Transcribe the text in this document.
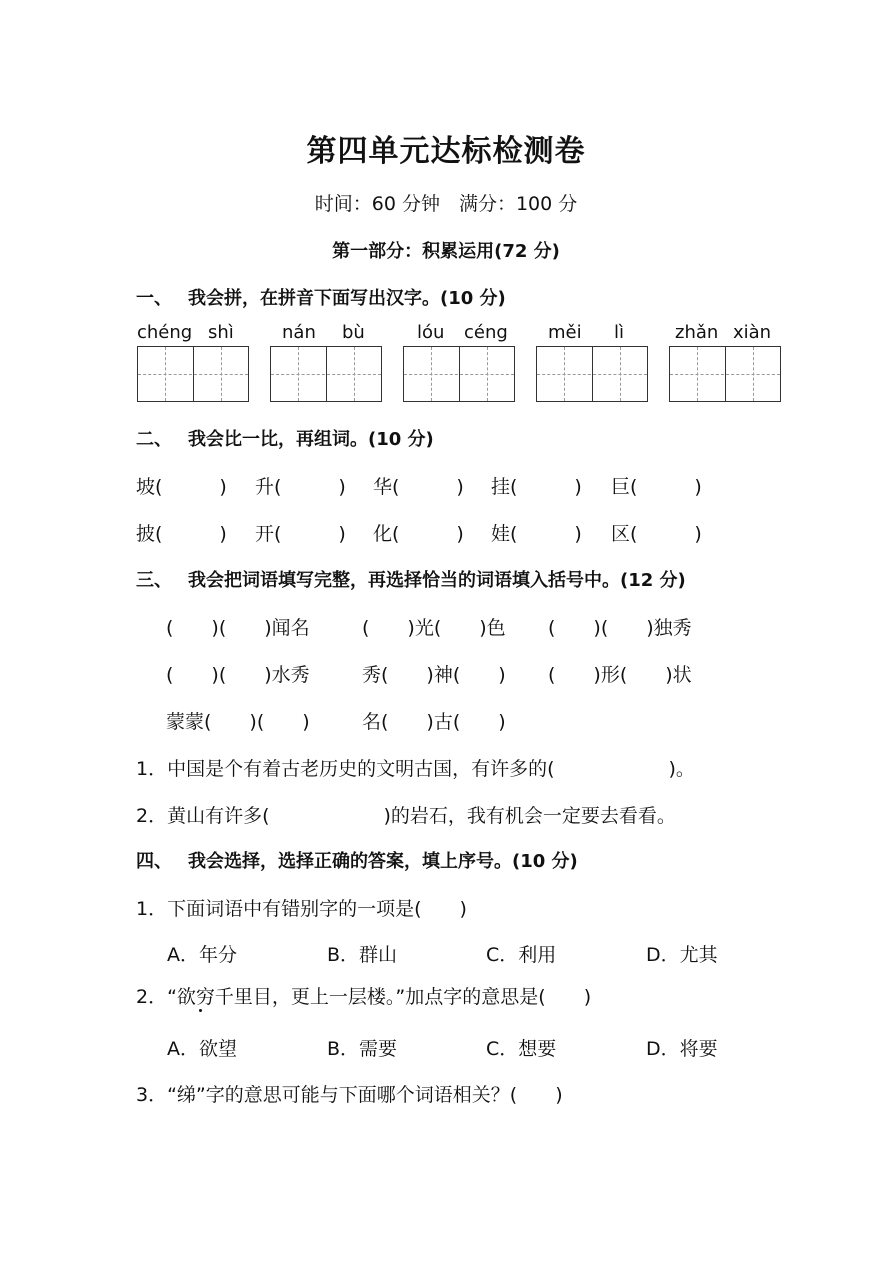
第四单元达标检测卷
时间：60 分钟　满分：100 分
第一部分：积累运用(72 分)
一、 我会拼，在拼音下面写出汉字。(10 分)
chéng shì	nán bù	lóu céng měi lì	zhǎn xiàn
二、 我会比一比，再组词。(10 分)
坡(　　　) 升(　　　) 华(　　　) 挂(　　　) 巨(　　　)
披(　　　) 开(　　　) 化(　　　) 娃(　　　) 区(　　　)
三、 我会把词语填写完整，再选择恰当的词语填入括号中。(12 分)
(　　)(　　)闻名	(　　)光(　　)色 (　　)(　　)独秀
(　　)(　　)水秀	秀(　　)神(　　) (　　)形(　　)状
蒙蒙(　　)(　　)	名(　　)古(　　)
1．中国是个有着古老历史的文明古国，有许多的(　　　　　　)。
2．黄山有许多(　　　　　　)的岩石，我有机会一定要去看看。
四、 我会选择，选择正确的答案，填上序号。(10 分)
1．下面词语中有错别字的一项是(　　)
A．年分	B．群山	C．利用	D．尤其
2．“欲穷千里目，更上一层楼。”加点字的意思是(　　)
A．欲望	B．需要	C．想要	D．将要
3．“绨”字的意思可能与下面哪个词语相关？(　　)
